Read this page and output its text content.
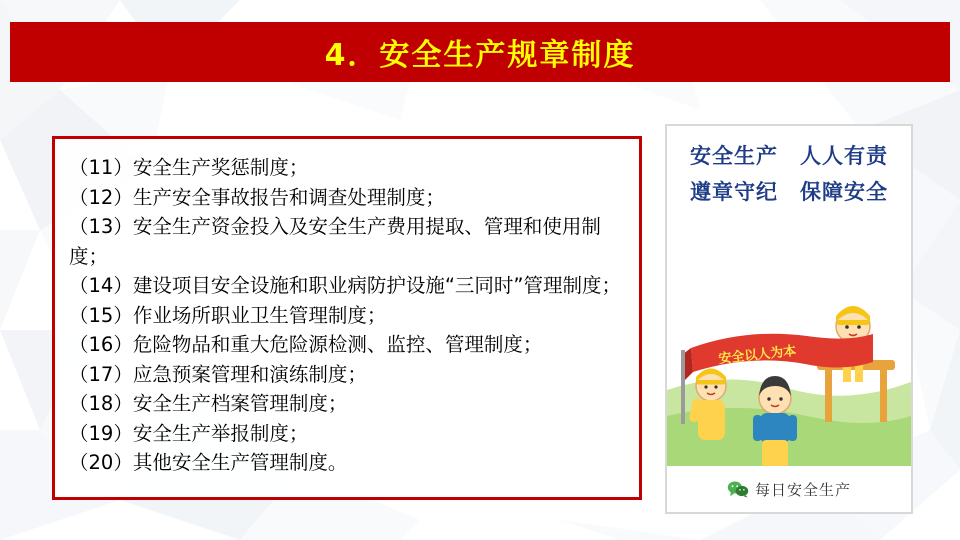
4．安全生产规章制度
（11）安全生产奖惩制度；
（12）生产安全事故报告和调查处理制度；
（13）安全生产资金投入及安全生产费用提取、管理和使用制度；
（14）建设项目安全设施和职业病防护设施“三同时”管理制度；
（15）作业场所职业卫生管理制度；
（16）危险物品和重大危险源检测、监控、管理制度；
（17）应急预案管理和演练制度；
（18）安全生产档案管理制度；
（19）安全生产举报制度；
（20）其他安全生产管理制度。
安全生产　人人有责
遵章守纪　保障安全
安全以人为本
每日安全生产
